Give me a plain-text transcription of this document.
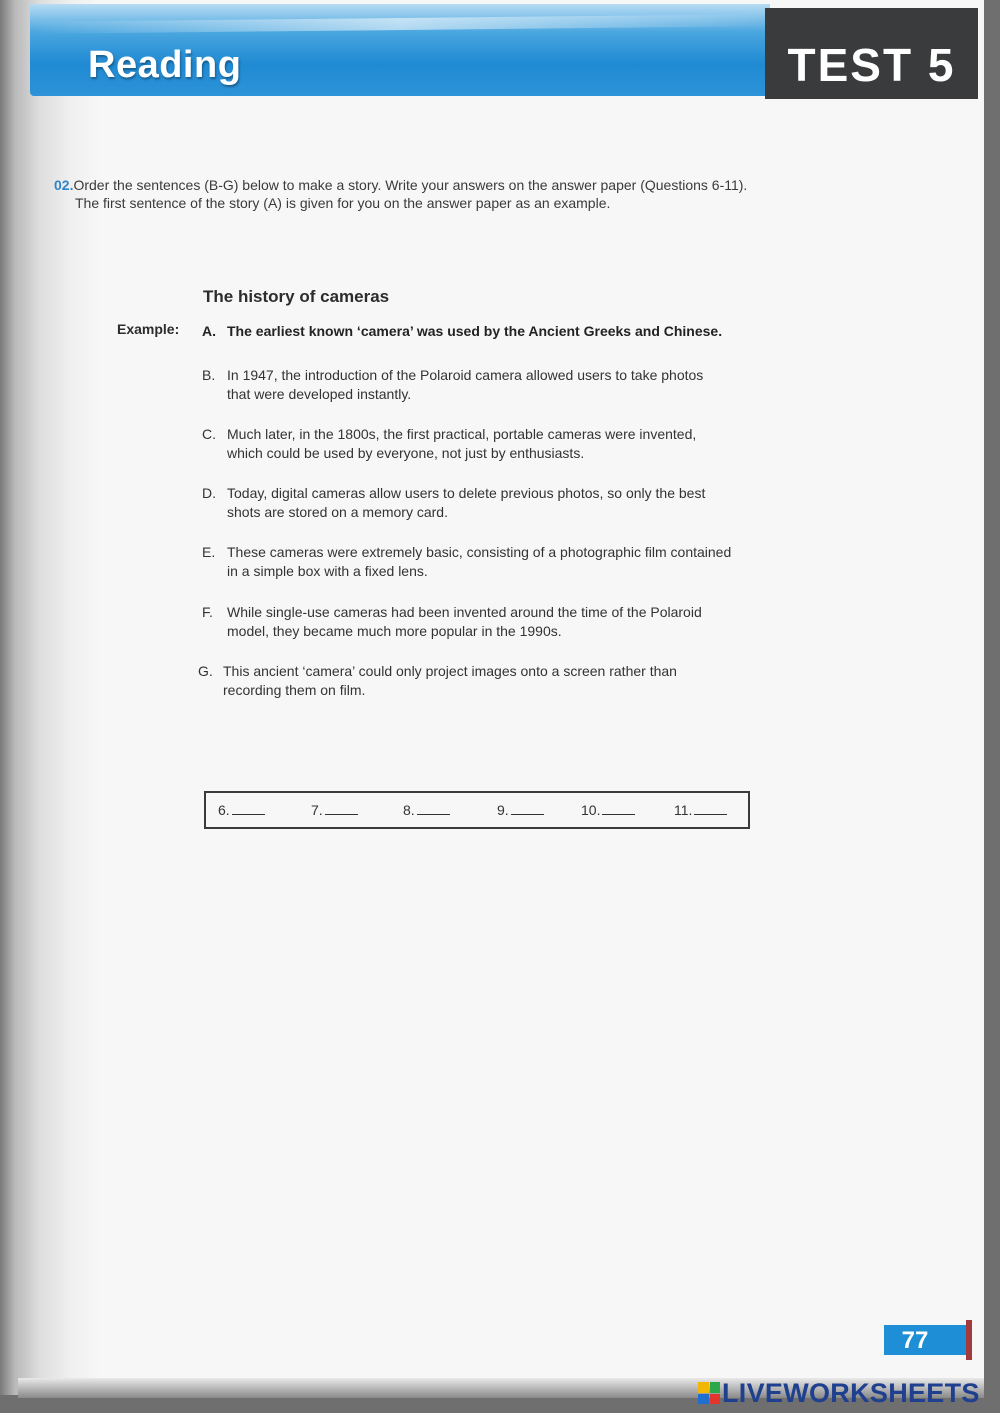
Reading	TEST 5
02.Order the sentences (B-G) below to make a story. Write your answers on the answer paper (Questions 6-11).
The first sentence of the story (A) is given for you on the answer paper as an example.
The history of cameras
Example: A. The earliest known ‘camera’ was used by the Ancient Greeks and Chinese.
B. In 1947, the introduction of the Polaroid camera allowed users to take photos
that were developed instantly.
C. Much later, in the 1800s, the first practical, portable cameras were invented,
which could be used by everyone, not just by enthusiasts.
D. Today, digital cameras allow users to delete previous photos, so only the best
shots are stored on a memory card.
E. These cameras were extremely basic, consisting of a photographic film contained
in a simple box with a fixed lens.
F.	While single-use cameras had been invented around the time of the Polaroid
model, they became much more popular in the 1990s.
G. This ancient ‘camera’ could only project images onto a screen rather than
recording them on film.
6.	7.	8.	9.	10.	11.
77
LIVEWORKSHEETS
